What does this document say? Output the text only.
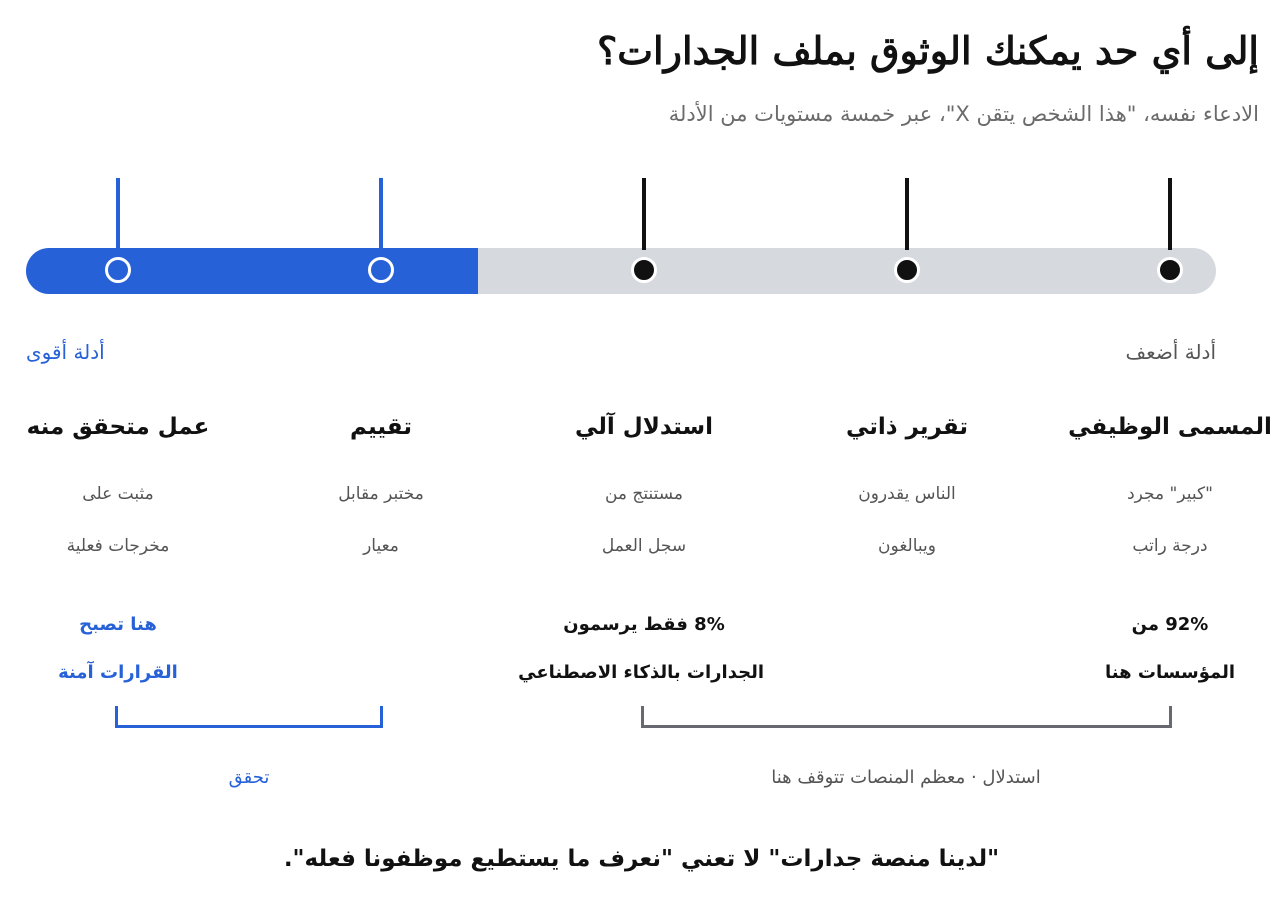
إلى أي حد يمكنك الوثوق بملف الجدارات؟
الادعاء نفسه، "هذا الشخص يتقن X"، عبر خمسة مستويات من الأدلة
أدلة أضعف
أدلة أقوى
المسمى الوظيفي
"كبير" مجرد
درجة راتب
92% من
المؤسسات هنا
تقرير ذاتي
الناس يقدرون
ويبالغون
استدلال آلي
مستنتج من
سجل العمل
8% فقط يرسمون
الجدارات بالذكاء الاصطناعي
تقييم
مختبر مقابل
معيار
عمل متحقق منه
مثبت على
مخرجات فعلية
هنا تصبح
القرارات آمنة
استدلال · معظم المنصات تتوقف هنا
تحقق
"لدينا منصة جدارات" لا تعني "نعرف ما يستطيع موظفونا فعله".
